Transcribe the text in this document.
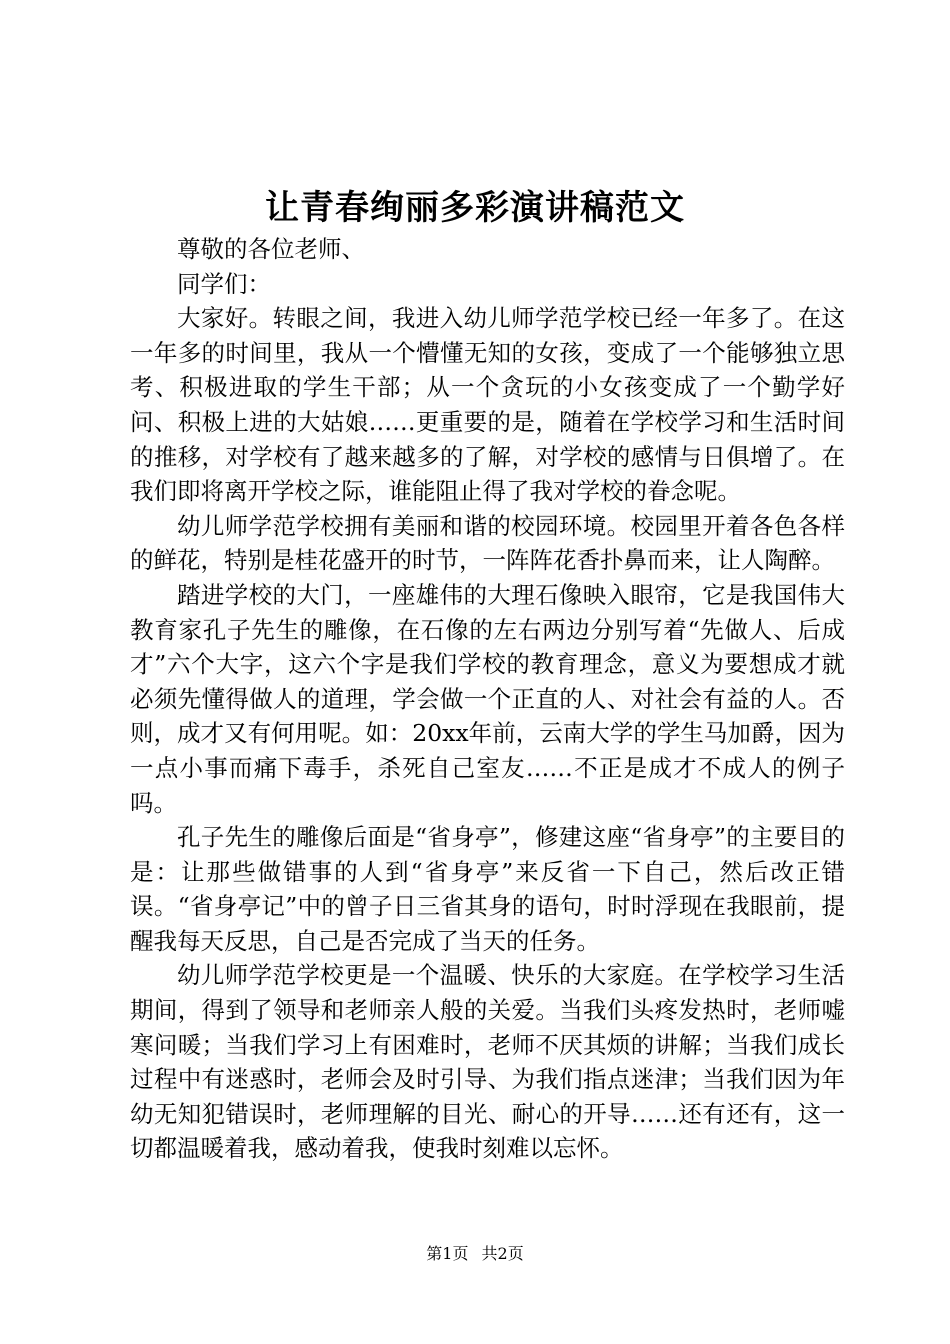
让青春绚丽多彩演讲稿范文

尊敬的各位老师、

同学们：

大家好。转眼之间，我进入幼儿师学范学校已经一年多了。在这一年多的时间里，我从一个懵懂无知的女孩，变成了一个能够独立思考、积极进取的学生干部；从一个贪玩的小女孩变成了一个勤学好问、积极上进的大姑娘……更重要的是，随着在学校学习和生活时间的推移，对学校有了越来越多的了解，对学校的感情与日俱增了。在我们即将离开学校之际，谁能阻止得了我对学校的眷念呢。

幼儿师学范学校拥有美丽和谐的校园环境。校园里开着各色各样的鲜花，特别是桂花盛开的时节，一阵阵花香扑鼻而来，让人陶醉。

踏进学校的大门，一座雄伟的大理石像映入眼帘，它是我国伟大教育家孔子先生的雕像，在石像的左右两边分别写着“先做人、后成才”六个大字，这六个字是我们学校的教育理念，意义为要想成才就必须先懂得做人的道理，学会做一个正直的人、对社会有益的人。否则，成才又有何用呢。如：20xx年前，云南大学的学生马加爵，因为一点小事而痛下毒手，杀死自己室友……不正是成才不成人的例子吗。

孔子先生的雕像后面是“省身亭”，修建这座“省身亭”的主要目的是：让那些做错事的人到“省身亭”来反省一下自己，然后改正错误。“省身亭记”中的曾子日三省其身的语句，时时浮现在我眼前，提醒我每天反思，自己是否完成了当天的任务。

幼儿师学范学校更是一个温暖、快乐的大家庭。在学校学习生活期间，得到了领导和老师亲人般的关爱。当我们头疼发热时，老师嘘寒问暖；当我们学习上有困难时，老师不厌其烦的讲解；当我们成长过程中有迷惑时，老师会及时引导、为我们指点迷津；当我们因为年幼无知犯错误时，老师理解的目光、耐心的开导……还有还有，这一切都温暖着我，感动着我，使我时刻难以忘怀。

第1页 共2页
